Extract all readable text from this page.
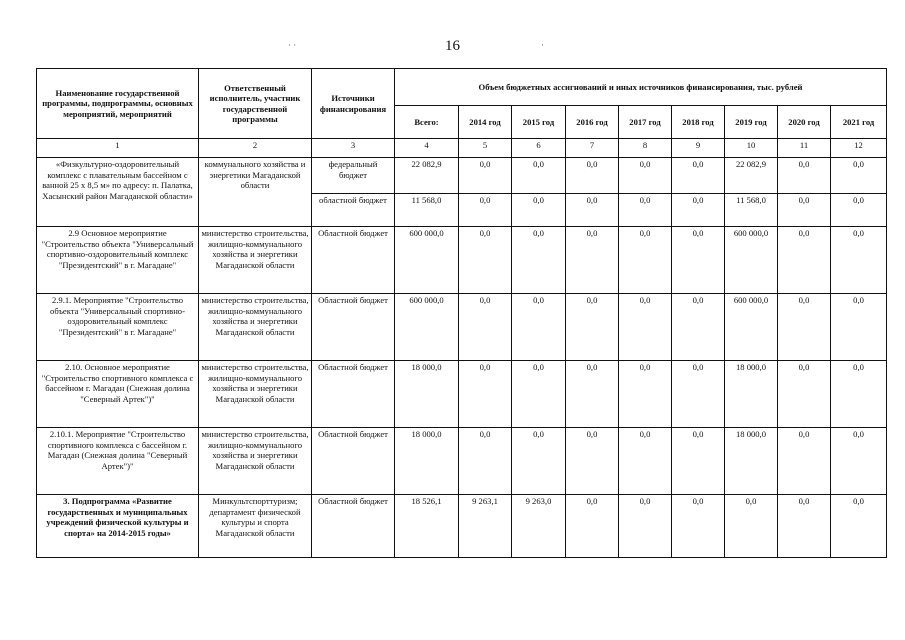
16
· ·	·
Наименование государственной программы, подпрограммы, основных мероприятий, мероприятий	Ответственный исполнитель, участник государственной программы	Источники финансирования	Объем бюджетных ассигнований и иных источников финансирования, тыс. рублей								
			Всего:	2014 год	2015 год	2016 год	2017 год	2018 год	2019 год	2020 год	2021 год
1	2	3	4	5	6	7	8	9	10	11	12
«Физкультурно-оздоровительный комплекс с плавательным бассейном с ванной 25 х 8,5 м» по адресу: п. Палатка, Хасынский район Магаданской области»	коммунального хозяйства и энергетики Магаданской области	федеральный бюджет	22 082,9	0,0	0,0	0,0	0,0	0,0	22 082,9	0,0	0,0
		областной бюджет	11 568,0	0,0	0,0	0,0	0,0	0,0	11 568,0	0,0	0,0
2.9 Основное мероприятие "Строительство объекта "Универсальный спортивно-оздоровительный комплекс "Президентский" в г. Магадане"	министерство строительства, жилищно-коммунального хозяйства и энергетики Магаданской области	Областной бюджет	600 000,0	0,0	0,0	0,0	0,0	0,0	600 000,0	0,0	0,0
2.9.1. Мероприятие "Строительство объекта "Универсальный спортивно-оздоровительный комплекс "Президентский" в г. Магадане"	министерство строительства, жилищно-коммунального хозяйства и энергетики Магаданской области	Областной бюджет	600 000,0	0,0	0,0	0,0	0,0	0,0	600 000,0	0,0	0,0
2.10. Основное мероприятие "Строительство спортивного комплекса с бассейном г. Магадан (Снежная долина "Северный Артек")"	министерство строительства, жилищно-коммунального хозяйства и энергетики Магаданской области	Областной бюджет	18 000,0	0,0	0,0	0,0	0,0	0,0	18 000,0	0,0	0,0
2.10.1. Мероприятие "Строительство спортивного комплекса с бассейном г. Магадан (Снежная долина "Северный Артек")"	министерство строительства, жилищно-коммунального хозяйства и энергетики Магаданской области	Областной бюджет	18 000,0	0,0	0,0	0,0	0,0	0,0	18 000,0	0,0	0,0
3. Подпрограмма «Развитие государственных и муниципальных учреждений физической культуры и спорта» на 2014-2015 годы»	Минкультспорттуризм; департамент физической культуры и спорта Магаданской области	Областной бюджет	18 526,1	9 263,1	9 263,0	0,0	0,0	0,0	0,0	0,0	0,0
